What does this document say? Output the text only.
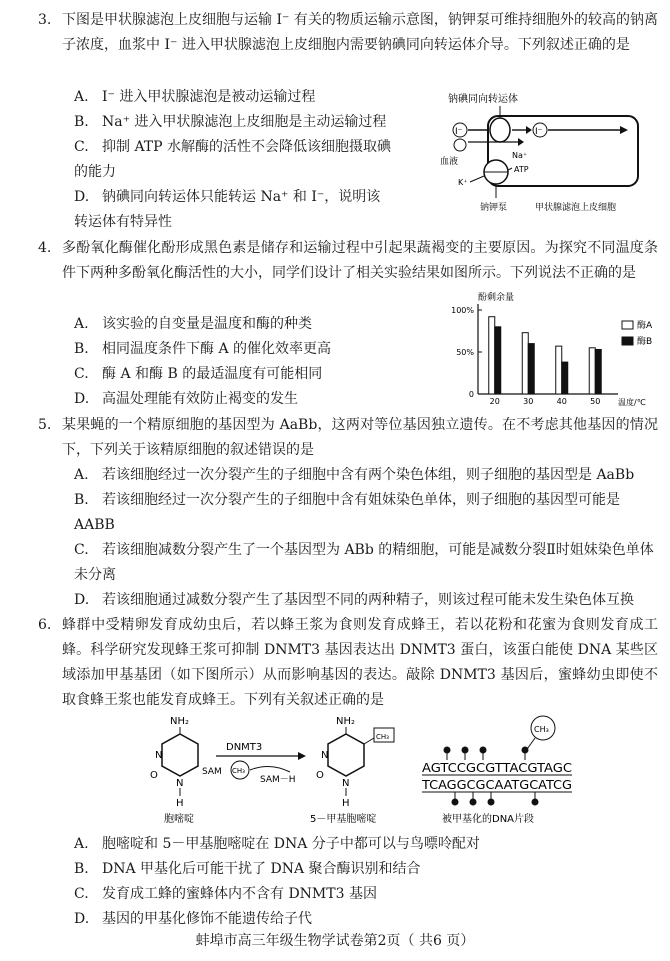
3. 下图是甲状腺滤泡上皮细胞与运输 I⁻ 有关的物质运输示意图，钠钾泵可维持细胞外的较高的钠离子浓度，血浆中 I⁻ 进入甲状腺滤泡上皮细胞内需要钠碘同向转运体介导。下列叙述正确的是
A. I⁻ 进入甲状腺滤泡是被动运输过程
B. Na⁺ 进入甲状腺滤泡上皮细胞是主动运输过程
C. 抑制 ATP 水解酶的活性不会降低该细胞摄取碘的能力
D. 钠碘同向转运体只能转运 Na⁺ 和 I⁻，说明该转运体有特异性
钠碘同向转运体
I⁻	I⁻
Na⁺
ATP
血液
K⁺
钠钾泵	甲状腺滤泡上皮细胞
4. 多酚氧化酶催化酚形成黑色素是储存和运输过程中引起果蔬褐变的主要原因。为探究不同温度条件下两种多酚氧化酶活性的大小，同学们设计了相关实验结果如图所示。下列说法不正确的是
A. 该实验的自变量是温度和酶的种类
B. 相同温度条件下酶 A 的催化效率更高
C. 酶 A 和酶 B 的最适温度有可能相同
D. 高温处理能有效防止褐变的发生
酚剩余量
温度/℃
100%
50%
0
20	30	40	50
酶A
酶B
5. 某果蝇的一个精原细胞的基因型为 AaBb，这两对等位基因独立遗传。在不考虑其他基因的情况下，下列关于该精原细胞的叙述错误的是
A. 若该细胞经过一次分裂产生的子细胞中含有两个染色体组，则子细胞的基因型是 AaBb
B. 若该细胞经过一次分裂产生的子细胞中含有姐妹染色单体，则子细胞的基因型可能是 AABB
C. 若该细胞减数分裂产生了一个基因型为 ABb 的精细胞，可能是减数分裂Ⅱ时姐妹染色单体未分离
D. 若该细胞通过减数分裂产生了基因型不同的两种精子，则该过程可能未发生染色体互换
6. 蜂群中受精卵发育成幼虫后，若以蜂王浆为食则发育成蜂王，若以花粉和花蜜为食则发育成工蜂。科学研究发现蜂王浆可抑制 DNMT3 基因表达出 DNMT3 蛋白，该蛋白能使 DNA 某些区域添加甲基基团（如下图所示）从而影响基因的表达。敲除 DNMT3 基因后，蜜蜂幼虫即使不取食蜂王浆也能发育成蜂王。下列有关叙述正确的是
NH₂
N
O
N
H
胞嘧啶
DNMT3
SAM CH₃
SAM－H
NH₂
CH₃
N
O
N
H
5－甲基胞嘧啶
CH₃
AGTCCGCGTTACGTAGC
TCAGGCGCAATGCATCG
被甲基化的DNA片段
A. 胞嘧啶和 5－甲基胞嘧啶在 DNA 分子中都可以与鸟嘌呤配对
B. DNA 甲基化后可能干扰了 DNA 聚合酶识别和结合
C. 发育成工蜂的蜜蜂体内不含有 DNMT3 基因
D. 基因的甲基化修饰不能遗传给子代
蚌埠市高三年级生物学试卷第2页（ 共6 页）
